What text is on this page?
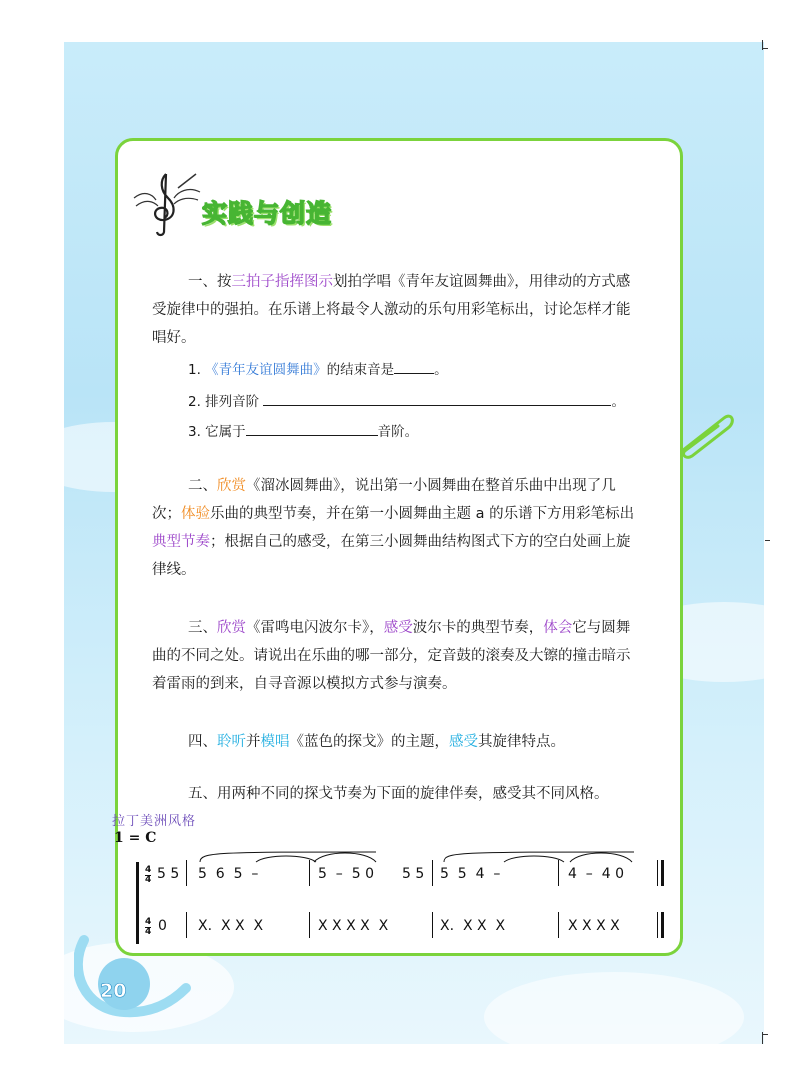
实践与创造
一、按三拍子指挥图示划拍学唱《青年友谊圆舞曲》，用律动的方式感
受旋律中的强拍。在乐谱上将最令人激动的乐句用彩笔标出，讨论怎样才能
唱好。
1. 《青年友谊圆舞曲》的结束音是	。
2. 排列音阶	。
3. 它属于	音阶。
二、欣赏《溜冰圆舞曲》，说出第一小圆舞曲在整首乐曲中出现了几
次；体验乐曲的典型节奏，并在第一小圆舞曲主题 a 的乐谱下方用彩笔标出
典型节奏；根据自己的感受，在第三小圆舞曲结构图式下方的空白处画上旋
律线。
三、欣赏《雷鸣电闪波尔卡》，感受波尔卡的典型节奏，体会它与圆舞
曲的不同之处。请说出在乐曲的哪一部分，定音鼓的滚奏及大镲的撞击暗示
着雷雨的到来，自寻音源以模拟方式参与演奏。
四、聆听并模唱《蓝色的探戈》的主题，感受其旋律特点。
五、用两种不同的探戈节奏为下面的旋律伴奏，感受其不同风格。
拉丁美洲风格
1 = C
4
4 5 5 5  6  5  –	5  –  5 0 5 5 5  5  4  –	4  –  4 0
4
4 0 X.  X X  X	X X X X  X	X.  X X  X	X X X X
20
